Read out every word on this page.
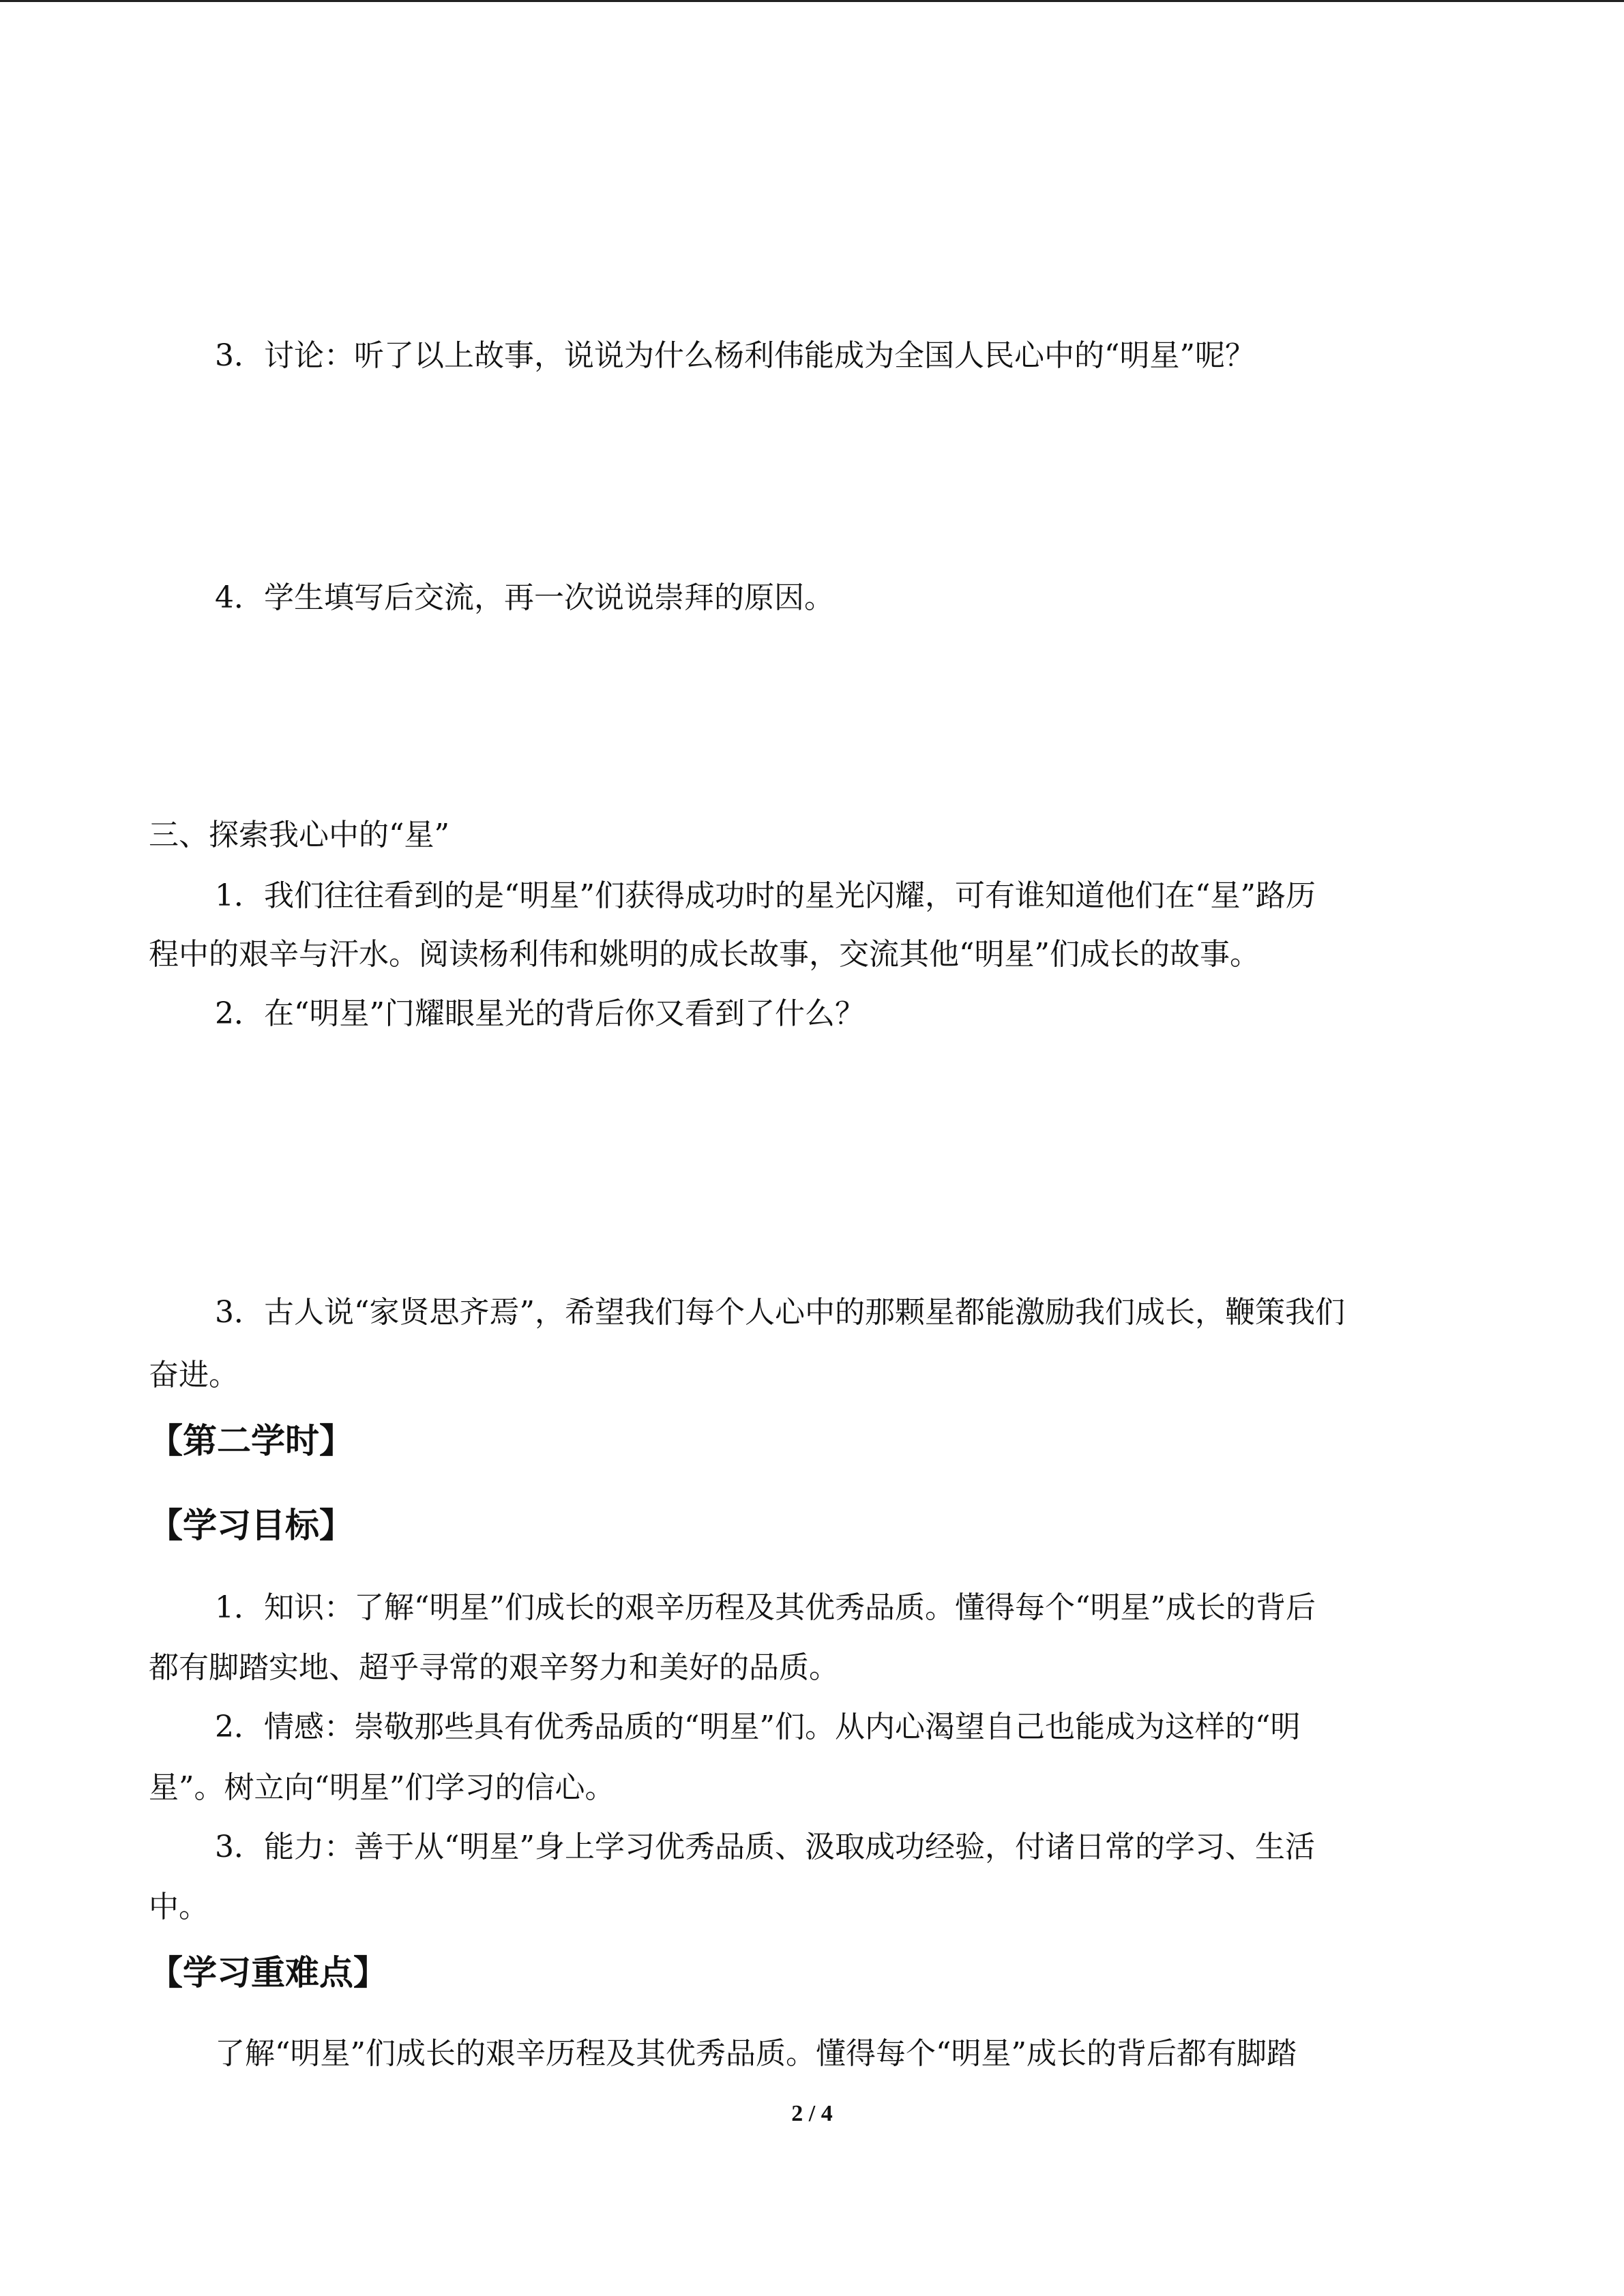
3．讨论：听了以上故事，说说为什么杨利伟能成为全国人民心中的“明星”呢？

4．学生填写后交流，再一次说说崇拜的原因。

三、探索我心中的“星”

1．我们往往看到的是“明星”们获得成功时的星光闪耀，可有谁知道他们在“星”路历

程中的艰辛与汗水。阅读杨利伟和姚明的成长故事，交流其他“明星”们成长的故事。

2．在“明星”门耀眼星光的背后你又看到了什么？

3．古人说“家贤思齐焉”，希望我们每个人心中的那颗星都能激励我们成长，鞭策我们

奋进。

【第二学时】

【学习目标】

1．知识：了解“明星”们成长的艰辛历程及其优秀品质。懂得每个“明星”成长的背后

都有脚踏实地、超乎寻常的艰辛努力和美好的品质。

2．情感：崇敬那些具有优秀品质的“明星”们。从内心渴望自己也能成为这样的“明

星”。树立向“明星”们学习的信心。

3．能力：善于从“明星”身上学习优秀品质、汲取成功经验，付诸日常的学习、生活

中。

【学习重难点】

了解“明星”们成长的艰辛历程及其优秀品质。懂得每个“明星”成长的背后都有脚踏

2 / 4
